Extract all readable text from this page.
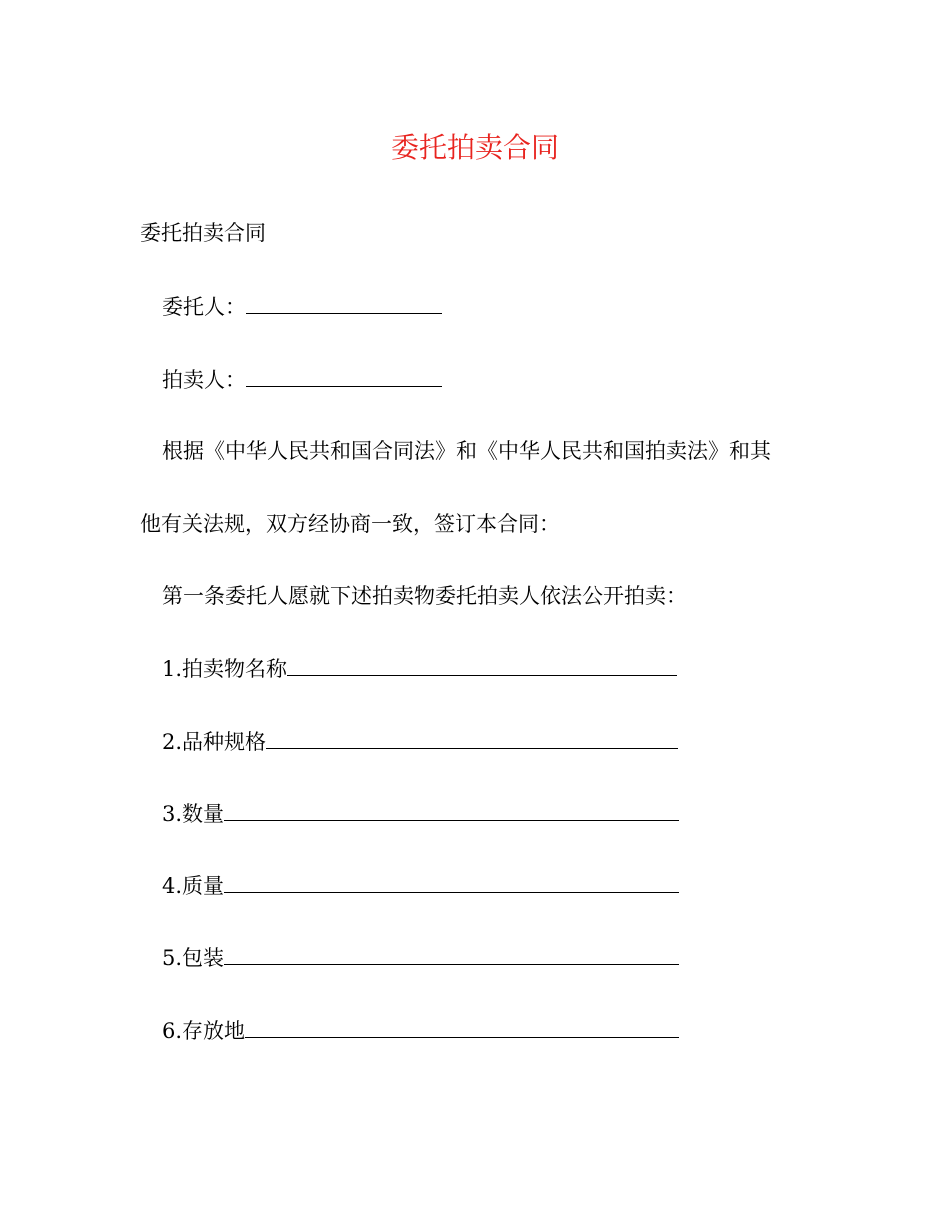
委托拍卖合同
委托拍卖合同
委托人：
拍卖人：
根据《中华人民共和国合同法》和《中华人民共和国拍卖法》和其
他有关法规，双方经协商一致，签订本合同：
第一条委托人愿就下述拍卖物委托拍卖人依法公开拍卖：
1.拍卖物名称
2.品种规格
3.数量
4.质量
5.包装
6.存放地
